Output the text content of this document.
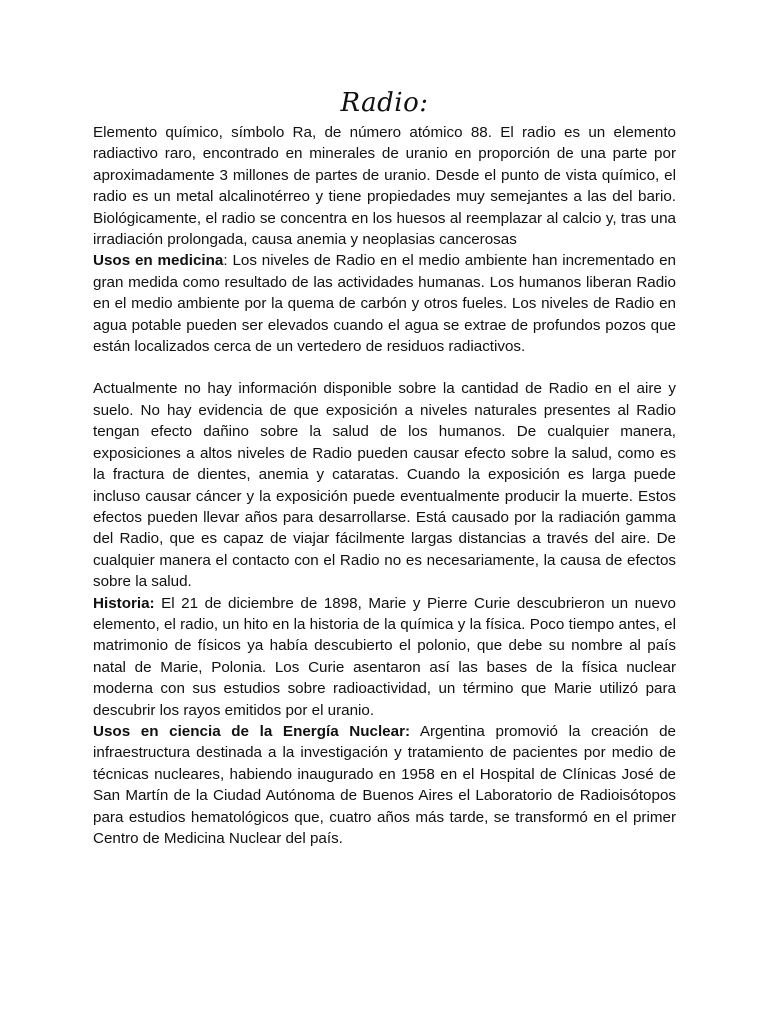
Radio:

Elemento químico, símbolo Ra, de número atómico 88. El radio es un elemento radiactivo raro, encontrado en minerales de uranio en proporción de una parte por aproximadamente 3 millones de partes de uranio. Desde el punto de vista químico, el radio es un metal alcalinotérreo y tiene propiedades muy semejantes a las del bario. Biológicamente, el radio se concentra en los huesos al reemplazar al calcio y, tras una irradiación prolongada, causa anemia y neoplasias cancerosas

Usos en medicina: Los niveles de Radio en el medio ambiente han incrementado en gran medida como resultado de las actividades humanas. Los humanos liberan Radio en el medio ambiente por la quema de carbón y otros fueles. Los niveles de Radio en agua potable pueden ser elevados cuando el agua se extrae de profundos pozos que están localizados cerca de un vertedero de residuos radiactivos.

Actualmente no hay información disponible sobre la cantidad de Radio en el aire y suelo. No hay evidencia de que exposición a niveles naturales presentes al Radio tengan efecto dañino sobre la salud de los humanos. De cualquier manera, exposiciones a altos niveles de Radio pueden causar efecto sobre la salud, como es la fractura de dientes, anemia y cataratas. Cuando la exposición es larga puede incluso causar cáncer y la exposición puede eventualmente producir la muerte. Estos efectos pueden llevar años para desarrollarse. Está causado por la radiación gamma del Radio, que es capaz de viajar fácilmente largas distancias a través del aire. De cualquier manera el contacto con el Radio no es necesariamente, la causa de efectos sobre la salud.

Historia: El 21 de diciembre de 1898, Marie y Pierre Curie descubrieron un nuevo elemento, el radio, un hito en la historia de la química y la física. Poco tiempo antes, el matrimonio de físicos ya había descubierto el polonio, que debe su nombre al país natal de Marie, Polonia. Los Curie asentaron así las bases de la física nuclear moderna con sus estudios sobre radioactividad, un término que Marie utilizó para descubrir los rayos emitidos por el uranio.

Usos en ciencia de la Energía Nuclear: Argentina promovió la creación de infraestructura destinada a la investigación y tratamiento de pacientes por medio de técnicas nucleares, habiendo inaugurado en 1958 en el Hospital de Clínicas José de San Martín de la Ciudad Autónoma de Buenos Aires el Laboratorio de Radioisótopos para estudios hematológicos que, cuatro años más tarde, se transformó en el primer Centro de Medicina Nuclear del país.
